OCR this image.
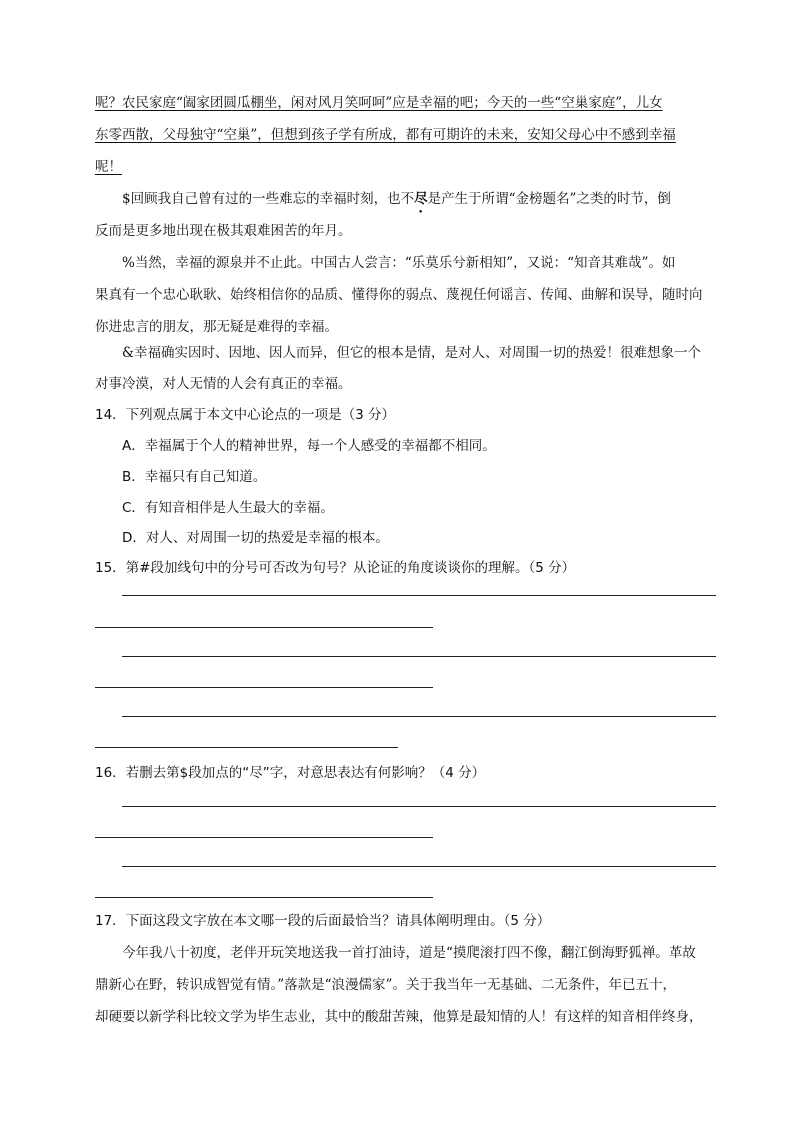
呢？农民家庭“阖家团圆瓜棚坐，闲对风月笑呵呵”应是幸福的吧；今天的一些“空巢家庭”，儿女
东零西散，父母独守“空巢”，但想到孩子学有所成，都有可期许的未来，安知父母心中不感到幸福
呢！
$回顾我自己曾有过的一些难忘的幸福时刻，也不尽是产生于所谓“金榜题名”之类的时节，倒
反而是更多地出现在极其艰难困苦的年月。
%当然，幸福的源泉并不止此。中国古人尝言：“乐莫乐兮新相知”，又说：“知音其难哉”。如
果真有一个忠心耿耿、始终相信你的品质、懂得你的弱点、蔑视任何谣言、传闻、曲解和误导，随时向
你进忠言的朋友，那无疑是难得的幸福。
&幸福确实因时、因地、因人而异，但它的根本是情，是对人、对周围一切的热爱！很难想象一个
对事冷漠，对人无情的人会有真正的幸福。
14．下列观点属于本文中心论点的一项是（3 分）
A．幸福属于个人的精神世界，每一个人感受的幸福都不相同。
B．幸福只有自己知道。
C．有知音相伴是人生最大的幸福。
D．对人、对周围一切的热爱是幸福的根本。
15．第#段加线句中的分号可否改为句号？从论证的角度谈谈你的理解。（5 分）
16．若删去第$段加点的“尽”字，对意思表达有何影响？（4 分）
17．下面这段文字放在本文哪一段的后面最恰当？请具体阐明理由。（5 分）
今年我八十初度，老伴开玩笑地送我一首打油诗，道是“摸爬滚打四不像，翻江倒海野狐禅。革故
鼎新心在野，转识成智觉有情。”落款是“浪漫儒家”。关于我当年一无基础、二无条件，年已五十，
却硬要以新学科比较文学为毕生志业，其中的酸甜苦辣，他算是最知情的人！有这样的知音相伴终身，
